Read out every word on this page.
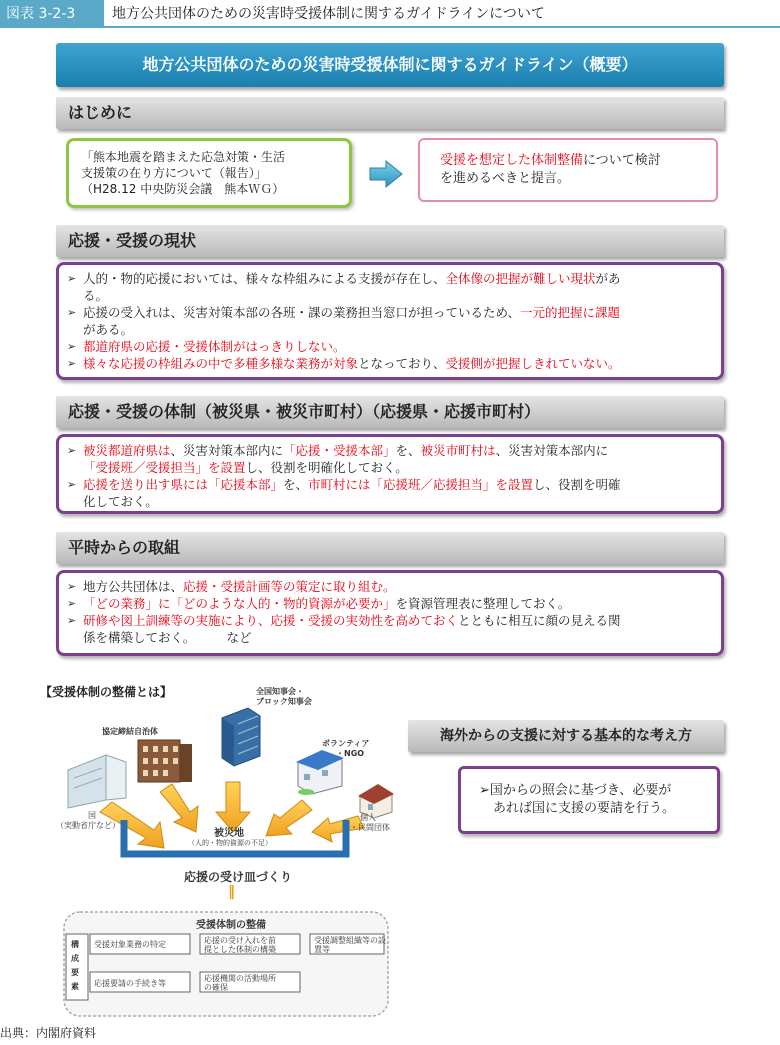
図表 3-2-3	地方公共団体のための災害時受援体制に関するガイドラインについて
地方公共団体のための災害時受援体制に関するガイドライン（概要）
はじめに
「熊本地震を踏まえた応急対策・生活
支援策の在り方について（報告）」
（H28.12 中央防災会議　熊本ＷＧ）
受援を想定した体制整備について検討
を進めるべきと提言。
応援・受援の現状
➢ 人的・物的応援においては、様々な枠組みによる支援が存在し、全体像の把握が難しい現状があ
る。
➢ 応援の受入れは、災害対策本部の各班・課の業務担当窓口が担っているため、一元的把握に課題
がある。
➢ 都道府県の応援・受援体制がはっきりしない。
➢ 様々な応援の枠組みの中で多種多様な業務が対象となっており、受援側が把握しきれていない。
応援・受援の体制（被災県・被災市町村）（応援県・応援市町村）
➢ 被災都道府県は、災害対策本部内に「応援・受援本部」を、被災市町村は、災害対策本部内に
「受援班／受援担当」を設置し、役割を明確化しておく。
➢ 応援を送り出す県には「応援本部」を、市町村には「応援班／応援担当」を設置し、役割を明確
化しておく。
平時からの取組
➢ 地方公共団体は、応援・受援計画等の策定に取り組む。
➢ 「どの業務」に「どのような人的・物的資源が必要か」を資源管理表に整理しておく。
➢ 研修や図上訓練等の実施により、応援・受援の実効性を高めておくとともに相互に顔の見える関
係を構築しておく。　　　など
【受援体制の整備とは】
協定締結自治体
全国知事会・
ブロック知事会
ボランティア
・NGO
国
（実動省庁など）
個人
・民間団体
被災地
（人的・物的資源の不足）
応援の受け皿づくり
‖
受援体制の整備
構成要素
受援対象業務の特定	応援の受け入れを前
提とした体制の構築
受援調整組織等の設
置等
応援要請の手続き等
応援機関の活動場所
の確保
海外からの支援に対する基本的な考え方
➢国からの照会に基づき、必要が
あれば国に支援の要請を行う。
出典：内閣府資料
